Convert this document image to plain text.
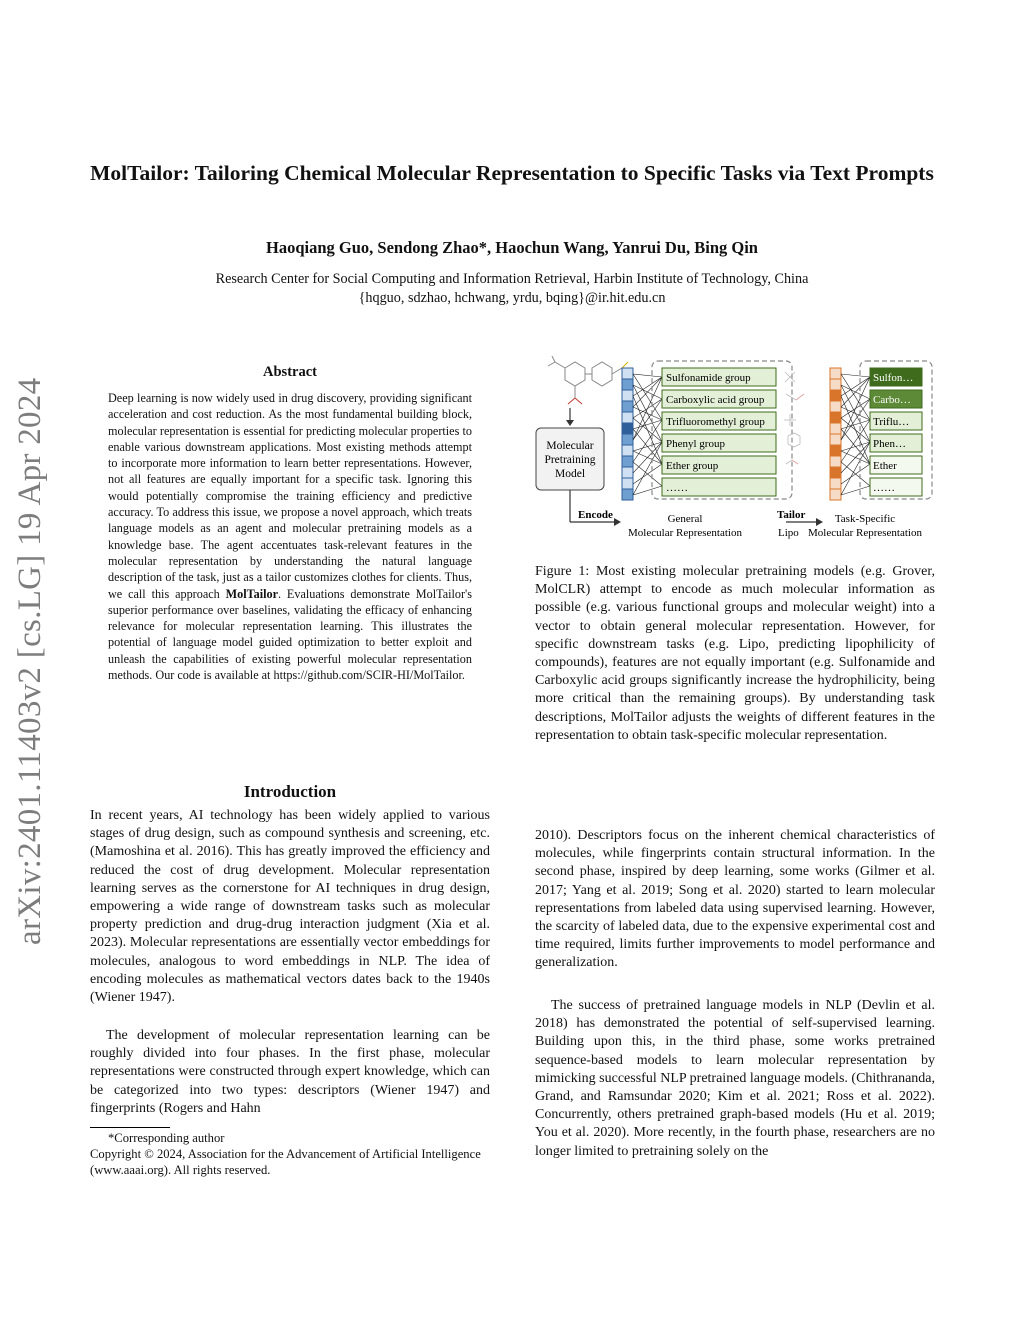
MolTailor: Tailoring Chemical Molecular Representation to Specific Tasks via Text Prompts
Haoqiang Guo, Sendong Zhao*, Haochun Wang, Yanrui Du, Bing Qin
Research Center for Social Computing and Information Retrieval, Harbin Institute of Technology, China
{hqguo, sdzhao, hchwang, yrdu, bqing}@ir.hit.edu.cn
arXiv:2401.11403v2 [cs.LG] 19 Apr 2024
Abstract
Deep learning is now widely used in drug discovery, providing significant acceleration and cost reduction. As the most fundamental building block, molecular representation is essential for predicting molecular properties to enable various downstream applications. Most existing methods attempt to incorporate more information to learn better representations. However, not all features are equally important for a specific task. Ignoring this would potentially compromise the training efficiency and predictive accuracy. To address this issue, we propose a novel approach, which treats language models as an agent and molecular pretraining models as a knowledge base. The agent accentuates task-relevant features in the molecular representation by understanding the natural language description of the task, just as a tailor customizes clothes for clients. Thus, we call this approach MolTailor. Evaluations demonstrate MolTailor's superior performance over baselines, validating the efficacy of enhancing relevance for molecular representation learning. This illustrates the potential of language model guided optimization to better exploit and unleash the capabilities of existing powerful molecular representation methods. Our code is available at https://github.com/SCIR-HI/MolTailor.
Introduction
In recent years, AI technology has been widely applied to various stages of drug design, such as compound synthesis and screening, etc. (Mamoshina et al. 2016). This has greatly improved the efficiency and reduced the cost of drug development. Molecular representation learning serves as the cornerstone for AI techniques in drug design, empowering a wide range of downstream tasks such as molecular property prediction and drug-drug interaction judgment (Xia et al. 2023). Molecular representations are essentially vector embeddings for molecules, analogous to word embeddings in NLP. The idea of encoding molecules as mathematical vectors dates back to the 1940s (Wiener 1947).
The development of molecular representation learning can be roughly divided into four phases. In the first phase, molecular representations were constructed through expert knowledge, which can be categorized into two types: descriptors (Wiener 1947) and fingerprints (Rogers and Hahn
*Corresponding author
Copyright © 2024, Association for the Advancement of Artificial Intelligence (www.aaai.org). All rights reserved.
Molecular
Pretraining
Model
Encode
Sulfonamide group
Carboxylic acid group
Trifluoromethyl group
Phenyl group
Ether group
……
Tailor
Lipo
General
Molecular Representation
Sulfon…
Carbo…
Triflu…
Phen…
Ether
……
Task-Specific
Molecular Representation
Figure 1: Most existing molecular pretraining models (e.g. Grover, MolCLR) attempt to encode as much molecular information as possible (e.g. various functional groups and molecular weight) into a vector to obtain general molecular representation. However, for specific downstream tasks (e.g. Lipo, predicting lipophilicity of compounds), features are not equally important (e.g. Sulfonamide and Carboxylic acid groups significantly increase the hydrophilicity, being more critical than the remaining groups). By understanding task descriptions, MolTailor adjusts the weights of different features in the representation to obtain task-specific molecular representation.
2010). Descriptors focus on the inherent chemical characteristics of molecules, while fingerprints contain structural information. In the second phase, inspired by deep learning, some works (Gilmer et al. 2017; Yang et al. 2019; Song et al. 2020) started to learn molecular representations from labeled data using supervised learning. However, the scarcity of labeled data, due to the expensive experimental cost and time required, limits further improvements to model performance and generalization.
The success of pretrained language models in NLP (Devlin et al. 2018) has demonstrated the potential of self-supervised learning. Building upon this, in the third phase, some works pretrained sequence-based models to learn molecular representation by mimicking successful NLP pretrained language models. (Chithrananda, Grand, and Ramsundar 2020; Kim et al. 2021; Ross et al. 2022). Concurrently, others pretrained graph-based models (Hu et al. 2019; You et al. 2020). More recently, in the fourth phase, researchers are no longer limited to pretraining solely on the
